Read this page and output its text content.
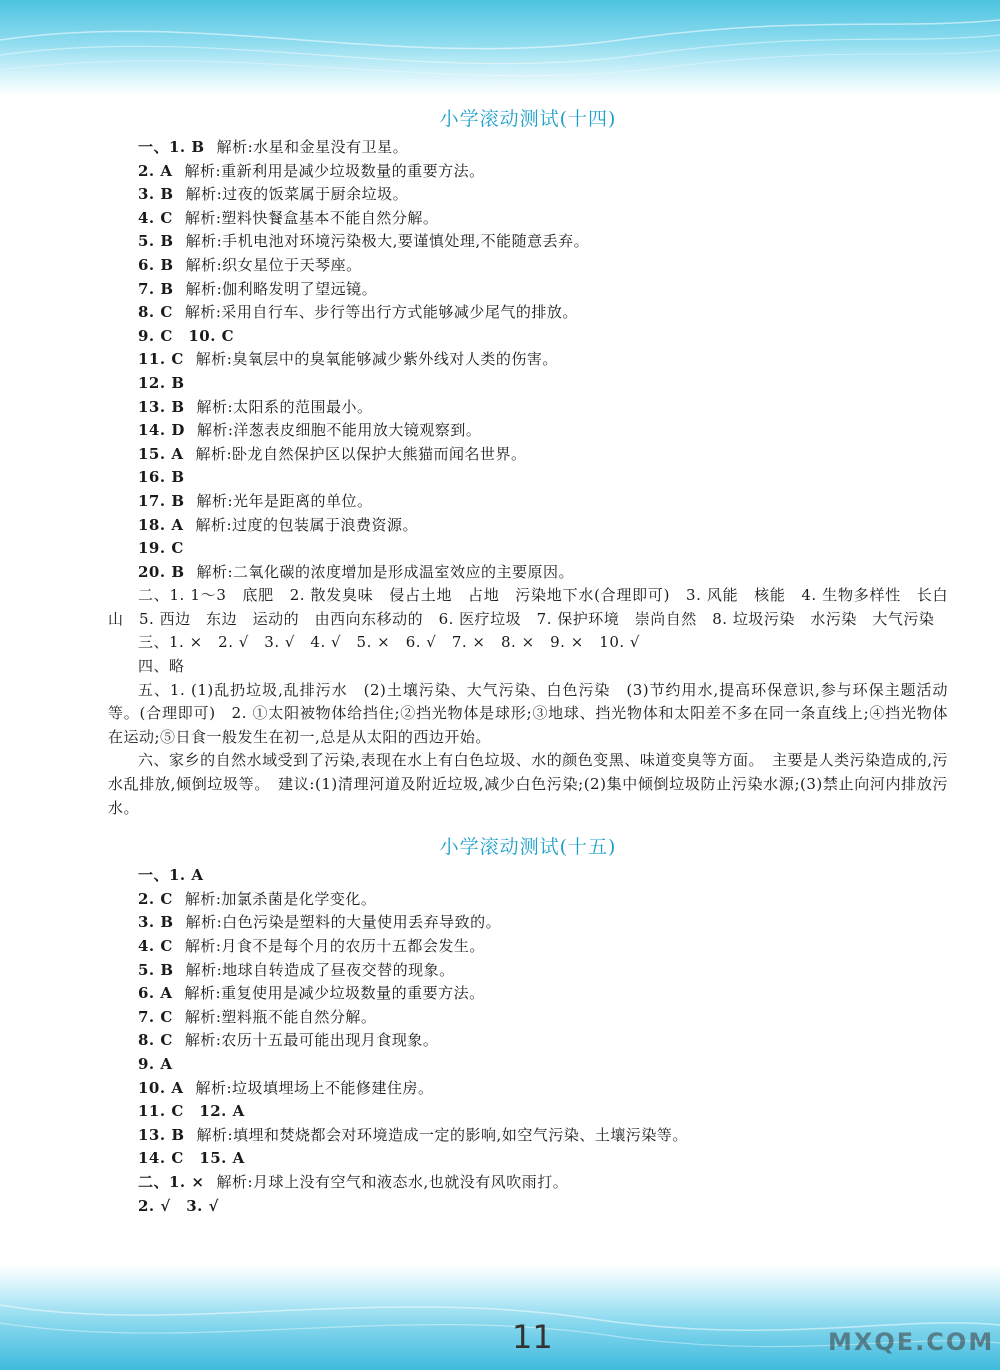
小学滚动测试(十四)
一、1. B 解析:水星和金星没有卫星。
2. A 解析:重新利用是减少垃圾数量的重要方法。
3. B 解析:过夜的饭菜属于厨余垃圾。
4. C 解析:塑料快餐盒基本不能自然分解。
5. B 解析:手机电池对环境污染极大,要谨慎处理,不能随意丢弃。
6. B 解析:织女星位于天琴座。
7. B 解析:伽利略发明了望远镜。
8. C 解析:采用自行车、步行等出行方式能够减少尾气的排放。
9. C　10. C
11. C 解析:臭氧层中的臭氧能够减少紫外线对人类的伤害。
12. B
13. B 解析:太阳系的范围最小。
14. D 解析:洋葱表皮细胞不能用放大镜观察到。
15. A 解析:卧龙自然保护区以保护大熊猫而闻名世界。
16. B
17. B 解析:光年是距离的单位。
18. A 解析:过度的包装属于浪费资源。
19. C
20. B 解析:二氧化碳的浓度增加是形成温室效应的主要原因。
二、1. 1～3　底肥　2. 散发臭味　侵占土地　占地　污染地下水(合理即可)　3. 风能　核能　4. 生物多样性　长白山　5. 西边　东边　运动的　由西向东移动的　6. 医疗垃圾　7. 保护环境　崇尚自然　8. 垃圾污染　水污染　大气污染
三、1. ×　2. √　3. √　4. √　5. ×　6. √　7. ×　8. ×　9. ×　10. √
四、略
五、1. (1)乱扔垃圾,乱排污水　(2)土壤污染、大气污染、白色污染　(3)节约用水,提高环保意识,参与环保主题活动等。(合理即可)　2. ①太阳被物体给挡住;②挡光物体是球形;③地球、挡光物体和太阳差不多在同一条直线上;④挡光物体在运动;⑤日食一般发生在初一,总是从太阳的西边开始。
六、家乡的自然水域受到了污染,表现在水上有白色垃圾、水的颜色变黑、味道变臭等方面。　主要是人类污染造成的,污水乱排放,倾倒垃圾等。　建议:(1)清理河道及附近垃圾,减少白色污染;(2)集中倾倒垃圾防止污染水源;(3)禁止向河内排放污水。
小学滚动测试(十五)
一、1. A
2. C 解析:加氯杀菌是化学变化。
3. B 解析:白色污染是塑料的大量使用丢弃导致的。
4. C 解析:月食不是每个月的农历十五都会发生。
5. B 解析:地球自转造成了昼夜交替的现象。
6. A 解析:重复使用是减少垃圾数量的重要方法。
7. C 解析:塑料瓶不能自然分解。
8. C 解析:农历十五最可能出现月食现象。
9. A
10. A 解析:垃圾填埋场上不能修建住房。
11. C　12. A
13. B 解析:填埋和焚烧都会对环境造成一定的影响,如空气污染、土壤污染等。
14. C　15. A
二、1. × 解析:月球上没有空气和液态水,也就没有风吹雨打。
2. √　3. √
11	MXQE.COM
